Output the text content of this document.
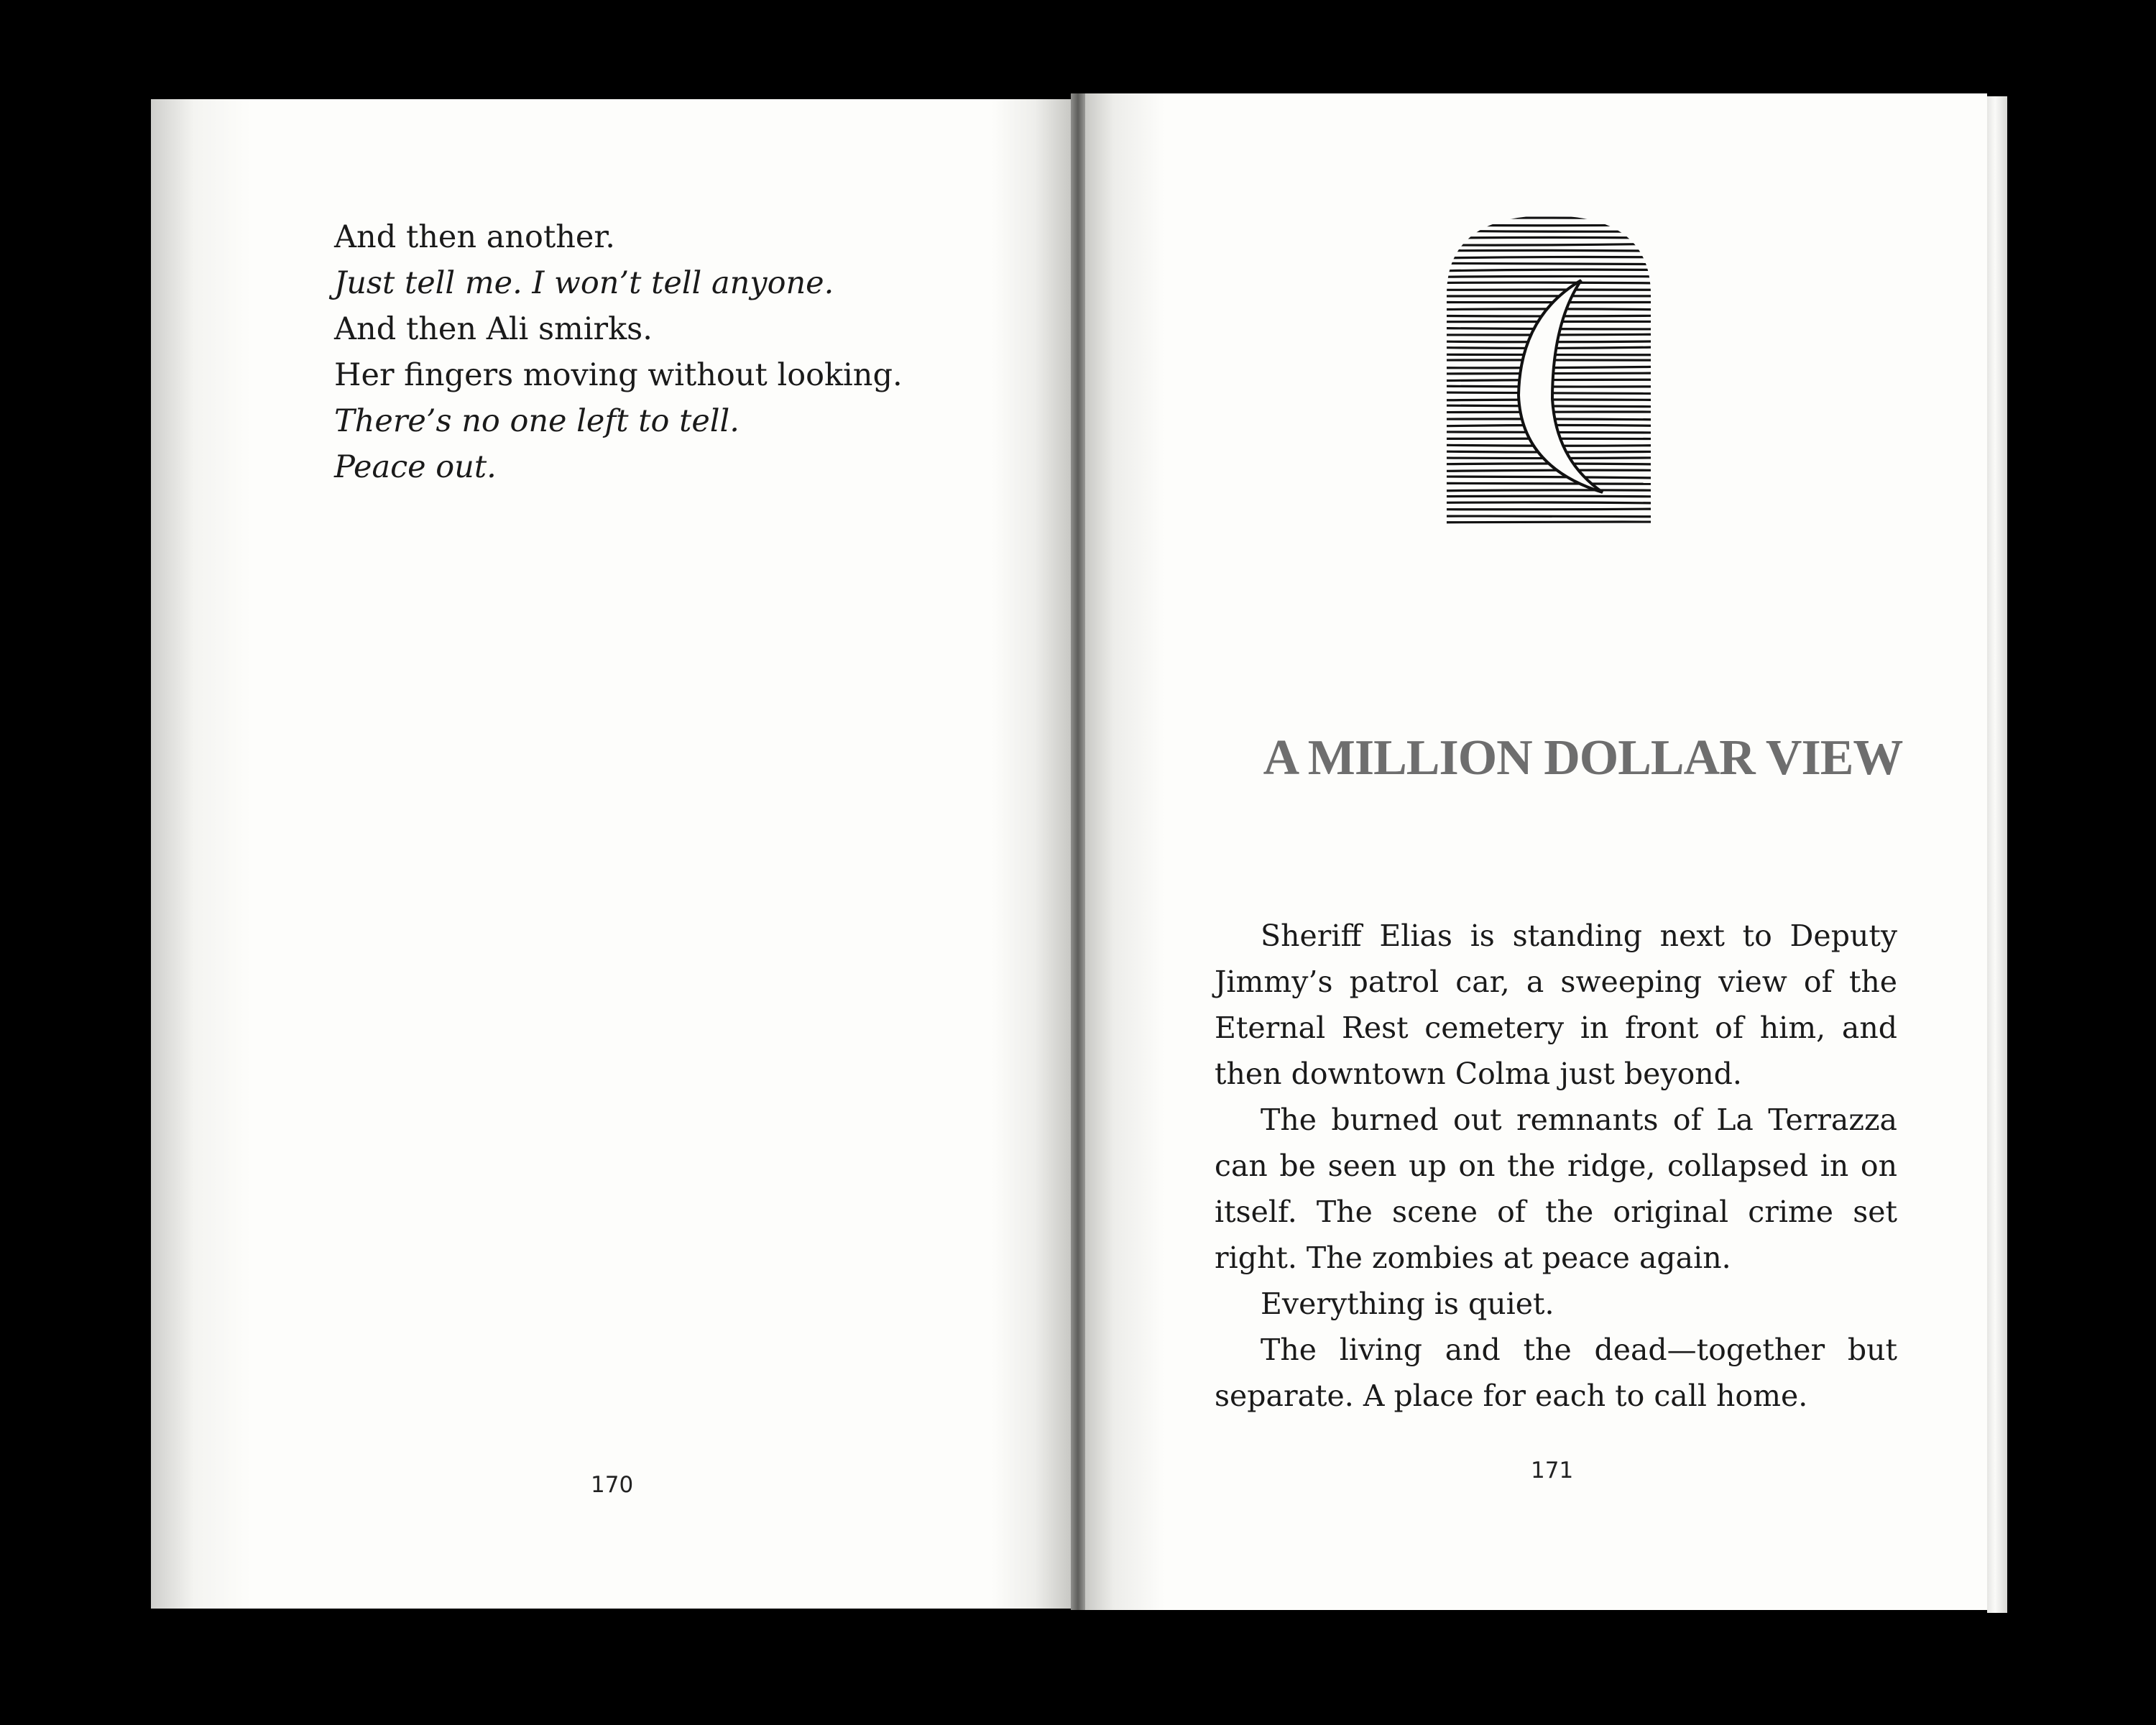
And then another.
Just tell me. I won’t tell anyone.
And then Ali smirks.
Her fingers moving without looking.
There’s no one left to tell.
Peace out.
170
A MILLION DOLLAR VIEW

Sheriff Elias is standing next to Deputy Jimmy’s patrol car, a sweeping view of the Eternal Rest cemetery in front of him, and then downtown Colma just beyond.

The burned out remnants of La Terrazza can be seen up on the ridge, collapsed in on itself. The scene of the original crime set right. The zombies at peace again.

Everything is quiet.

The living and the dead—together but separate. A place for each to call home.

171
